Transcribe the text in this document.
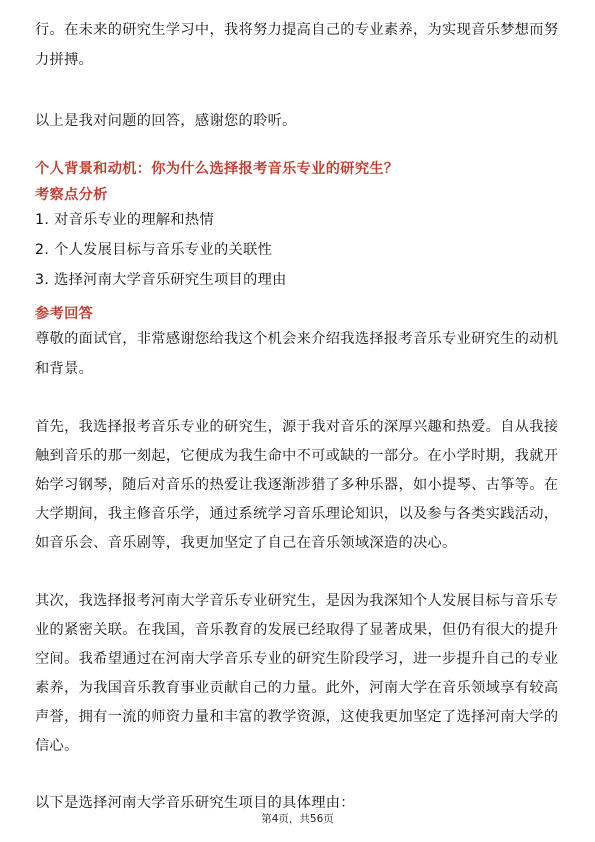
行。在未来的研究生学习中，我将努力提高自己的专业素养，为实现音乐梦想而努
力拼搏。
以上是我对问题的回答，感谢您的聆听。
个人背景和动机：你为什么选择报考音乐专业的研究生？
考察点分析
1. 对音乐专业的理解和热情
2. 个人发展目标与音乐专业的关联性
3. 选择河南大学音乐研究生项目的理由
参考回答
尊敬的面试官，非常感谢您给我这个机会来介绍我选择报考音乐专业研究生的动机
和背景。
首先，我选择报考音乐专业的研究生，源于我对音乐的深厚兴趣和热爱。自从我接
触到音乐的那一刻起，它便成为我生命中不可或缺的一部分。在小学时期，我就开
始学习钢琴，随后对音乐的热爱让我逐渐涉猎了多种乐器，如小提琴、古筝等。在
大学期间，我主修音乐学，通过系统学习音乐理论知识，以及参与各类实践活动，
如音乐会、音乐剧等，我更加坚定了自己在音乐领域深造的决心。
其次，我选择报考河南大学音乐专业研究生，是因为我深知个人发展目标与音乐专
业的紧密关联。在我国，音乐教育的发展已经取得了显著成果，但仍有很大的提升
空间。我希望通过在河南大学音乐专业的研究生阶段学习，进一步提升自己的专业
素养，为我国音乐教育事业贡献自己的力量。此外，河南大学在音乐领域享有较高
声誉，拥有一流的师资力量和丰富的教学资源，这使我更加坚定了选择河南大学的
信心。
以下是选择河南大学音乐研究生项目的具体理由：
第4页，共56页
